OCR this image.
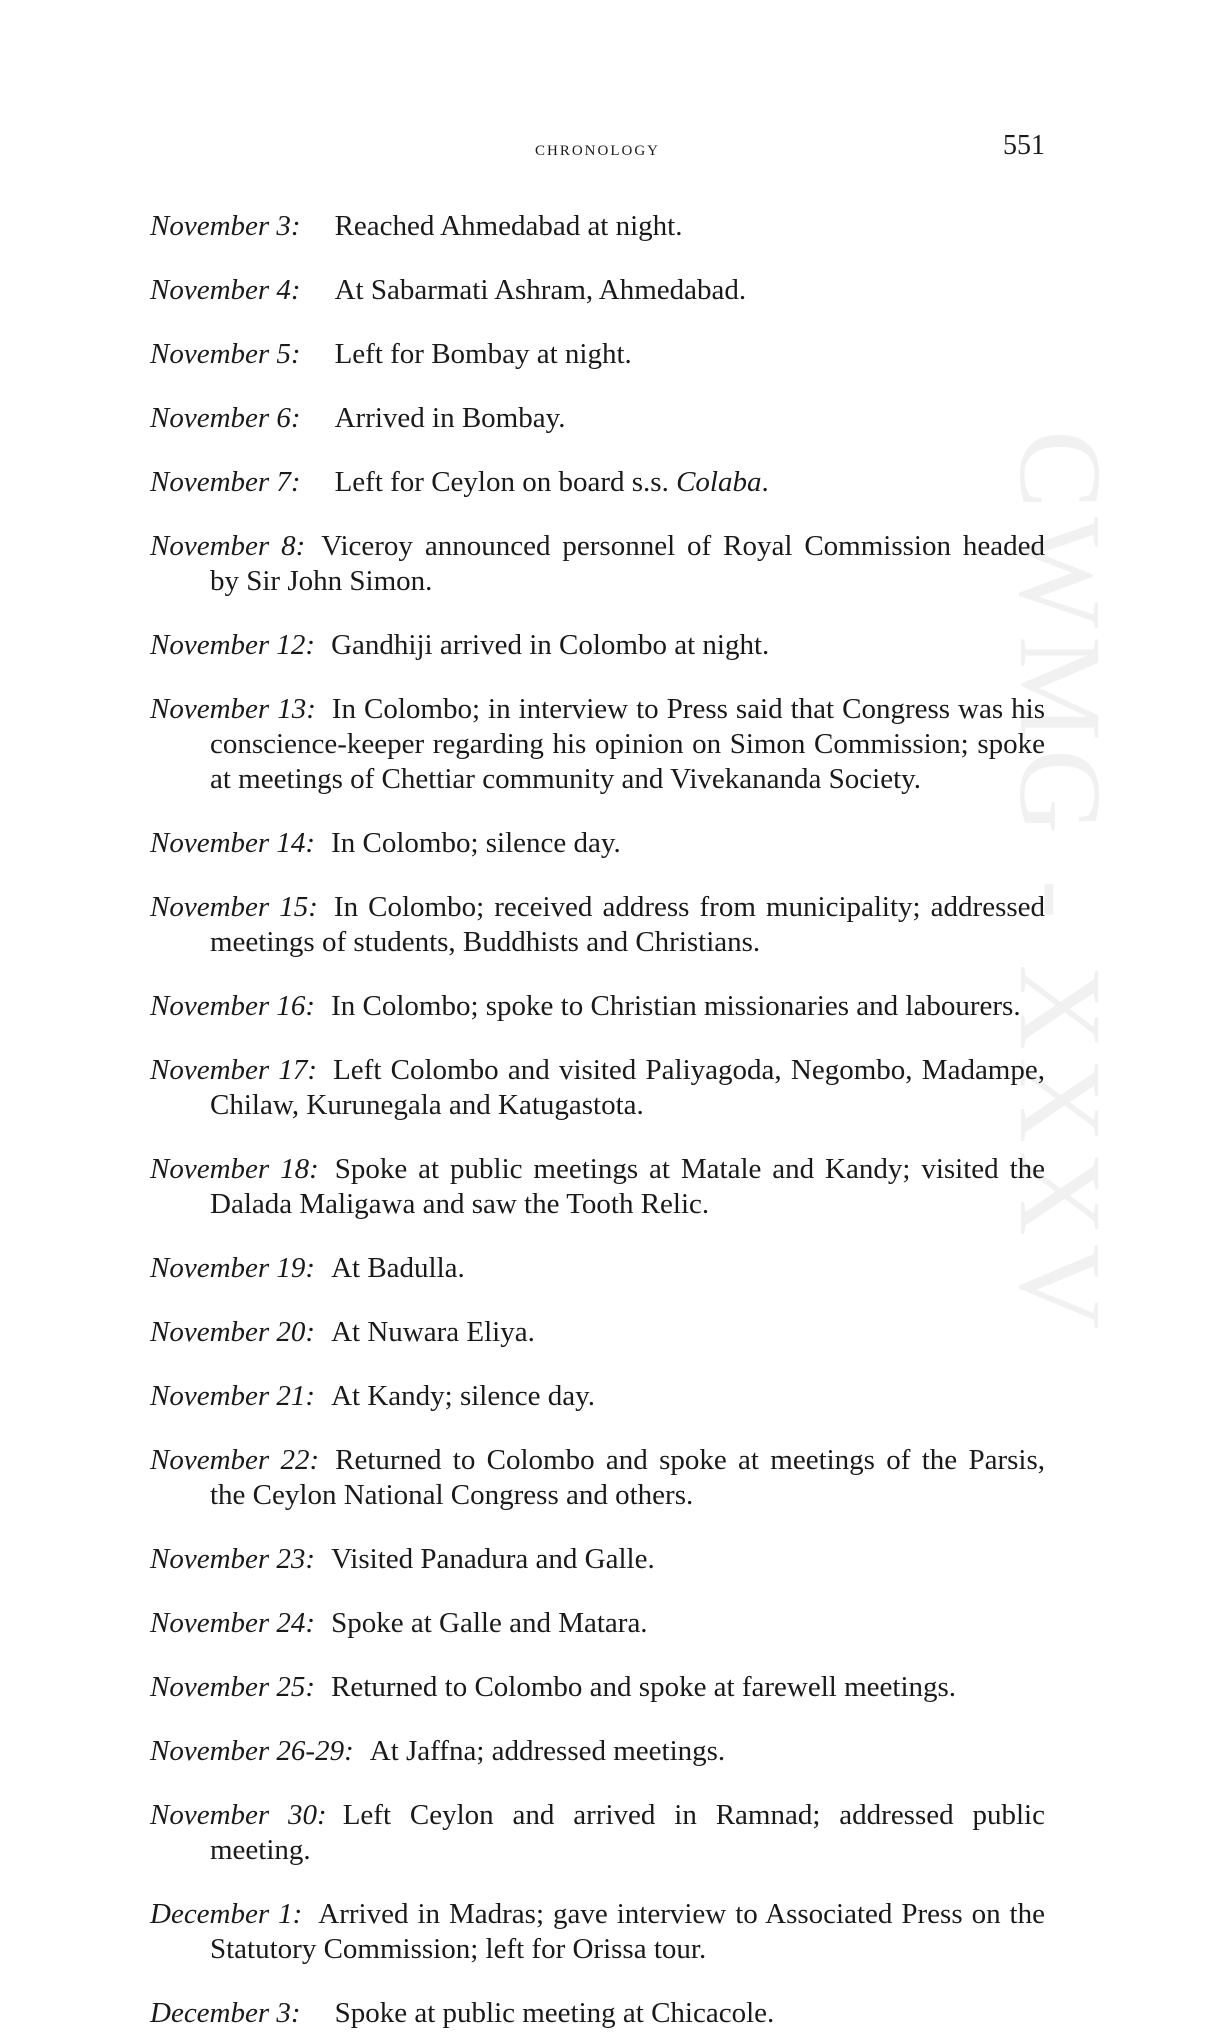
CWMG - XXXV
chronology	551

November 3: Reached Ahmedabad at night.

November 4: At Sabarmati Ashram, Ahmedabad.

November 5: Left for Bombay at night.

November 6: Arrived in Bombay.

November 7: Left for Ceylon on board s.s. Colaba.

November 8: Viceroy announced personnel of Royal Commission headed by Sir John Simon.

November 12: Gandhiji arrived in Colombo at night.

November 13: In Colombo; in interview to Press said that Congress was his conscience-keeper regarding his opinion on Simon Commission; spoke at meetings of Chettiar community and Vivekananda Society.

November 14: In Colombo; silence day.

November 15: In Colombo; received address from municipality; addressed meetings of students, Buddhists and Christians.

November 16: In Colombo; spoke to Christian missionaries and labourers.

November 17: Left Colombo and visited Paliyagoda, Negombo, Madampe, Chilaw, Kurunegala and Katugastota.

November 18: Spoke at public meetings at Matale and Kandy; visited the Dalada Maligawa and saw the Tooth Relic.

November 19: At Badulla.

November 20: At Nuwara Eliya.

November 21: At Kandy; silence day.

November 22: Returned to Colombo and spoke at meetings of the Parsis, the Ceylon National Congress and others.

November 23: Visited Panadura and Galle.

November 24: Spoke at Galle and Matara.

November 25: Returned to Colombo and spoke at farewell meetings.

November 26-29: At Jaffna; addressed meetings.

November 30: Left Ceylon and arrived in Ramnad; addressed public meeting.

December 1: Arrived in Madras; gave interview to Associated Press on the Statutory Commission; left for Orissa tour.

December 3: Spoke at public meeting at Chicacole.
